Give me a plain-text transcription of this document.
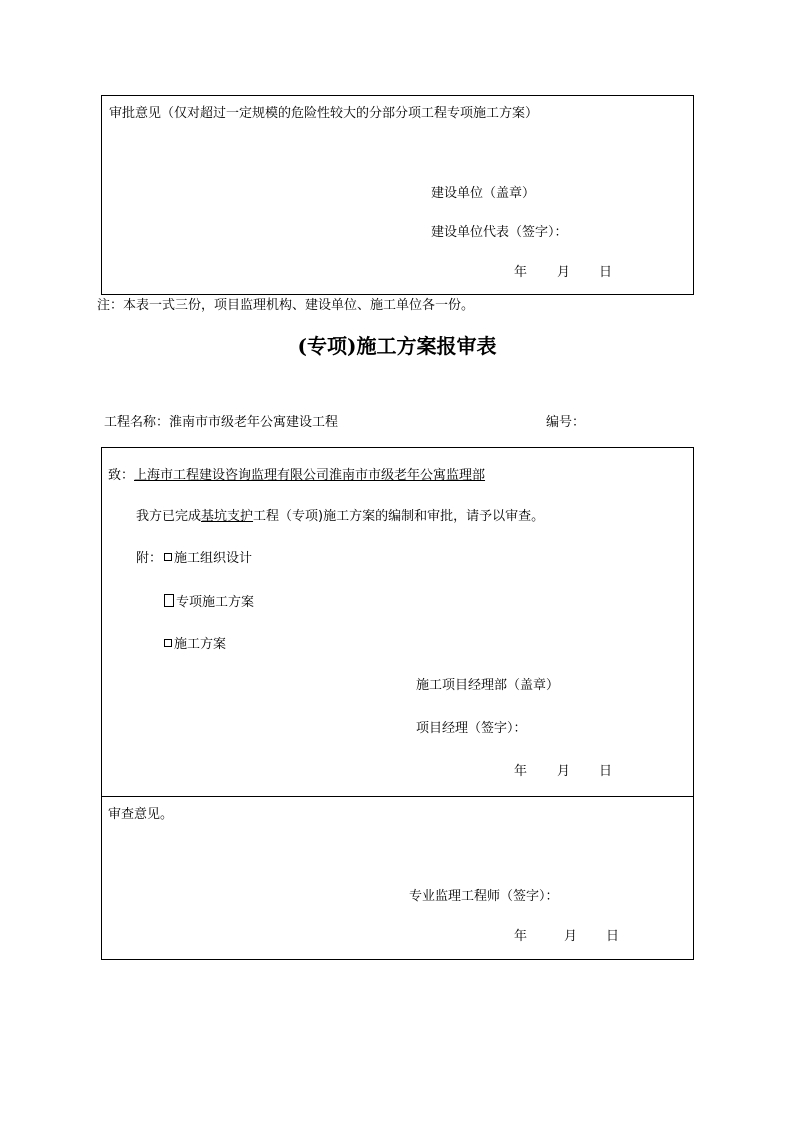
审批意见（仅对超过一定规模的危险性较大的分部分项工程专项施工方案）
建设单位（盖章）
建设单位代表（签字）：
年 月 日
注：本表一式三份，项目监理机构、建设单位、施工单位各一份。
(专项)施工方案报审表
工程名称：淮南市市级老年公寓建设工程	编号：
致：上海市工程建设咨询监理有限公司淮南市市级老年公寓监理部
我方已完成基坑支护工程（专项)施工方案的编制和审批，请予以审查。
附： 施工组织设计
专项施工方案
施工方案
施工项目经理部（盖章）
项目经理（签字）：
年 月 日
审查意见。
专业监理工程师（签字）：
年	月 日
